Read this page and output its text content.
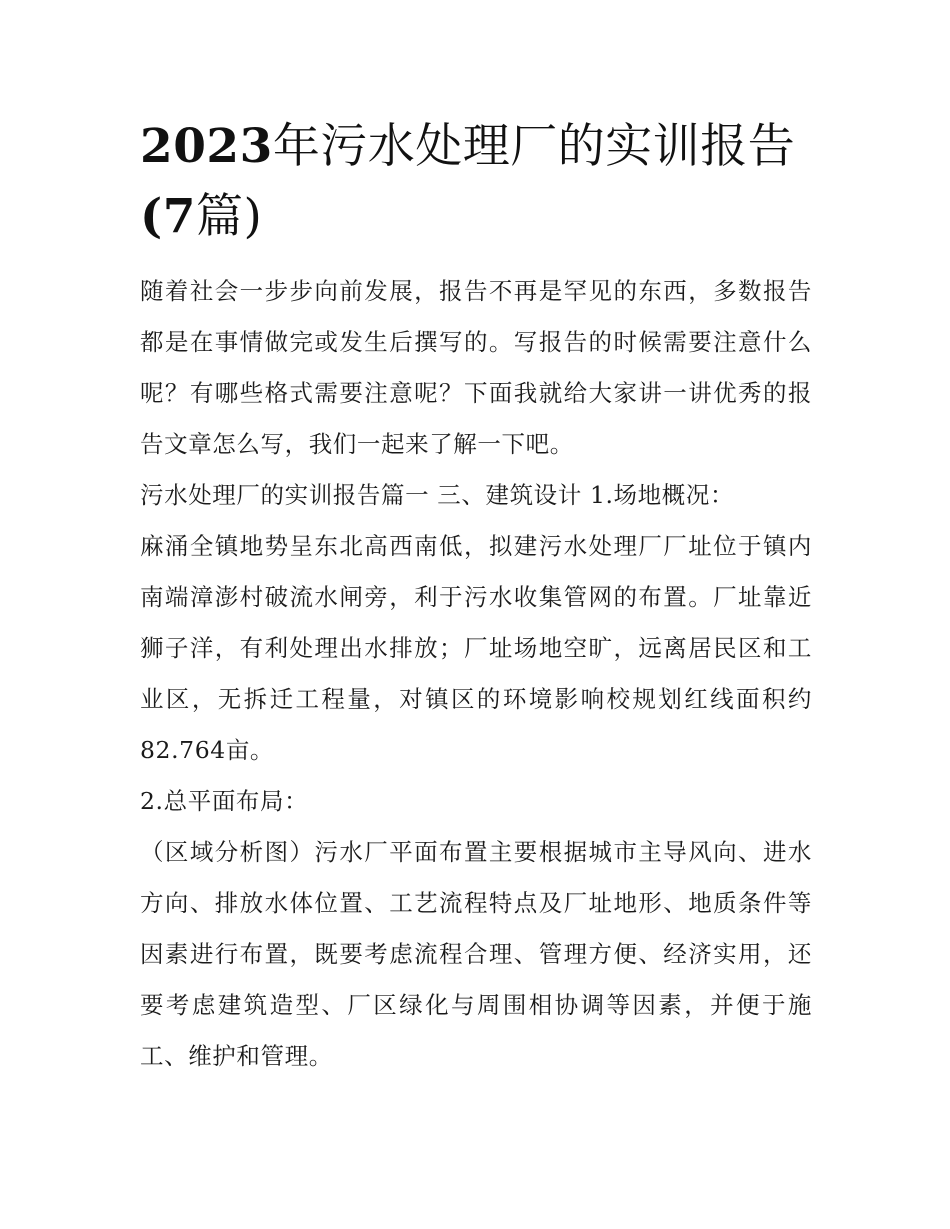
2023年污水处理厂的实训报告
(7篇)

随着社会一步步向前发展，报告不再是罕见的东西，多数报告都是在事情做完或发生后撰写的。写报告的时候需要注意什么呢？有哪些格式需要注意呢？下面我就给大家讲一讲优秀的报告文章怎么写，我们一起来了解一下吧。

污水处理厂的实训报告篇一 三、建筑设计 1.场地概况：

麻涌全镇地势呈东北高西南低，拟建污水处理厂厂址位于镇内南端漳澎村破流水闸旁，利于污水收集管网的布置。厂址靠近狮子洋，有利处理出水排放；厂址场地空旷，远离居民区和工业区，无拆迁工程量，对镇区的环境影响校规划红线面积约82.764亩。

2.总平面布局：

（区域分析图）污水厂平面布置主要根据城市主导风向、进水方向、排放水体位置、工艺流程特点及厂址地形、地质条件等因素进行布置，既要考虑流程合理、管理方便、经济实用，还要考虑建筑造型、厂区绿化与周围相协调等因素，并便于施工、维护和管理。
